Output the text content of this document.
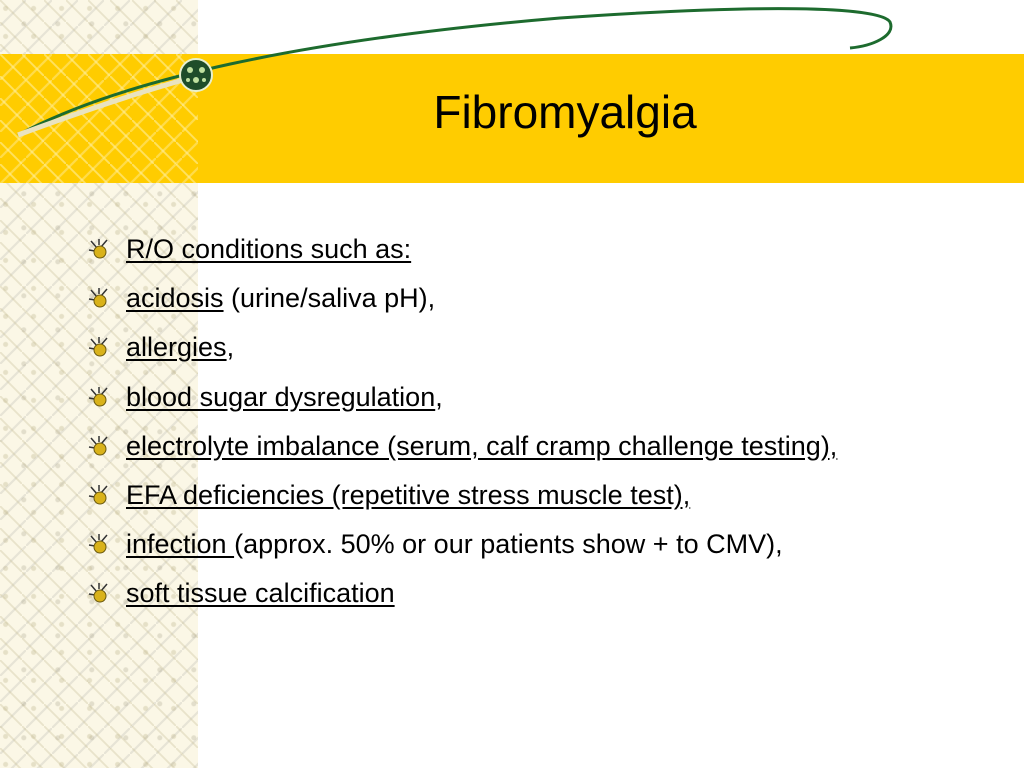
Fibromyalgia
R/O conditions such as:
acidosis (urine/saliva pH),
allergies,
blood sugar dysregulation,
electrolyte imbalance (serum, calf cramp challenge testing),
EFA deficiencies (repetitive stress muscle test),
infection (approx. 50% or our patients show + to CMV),
soft tissue calcification
